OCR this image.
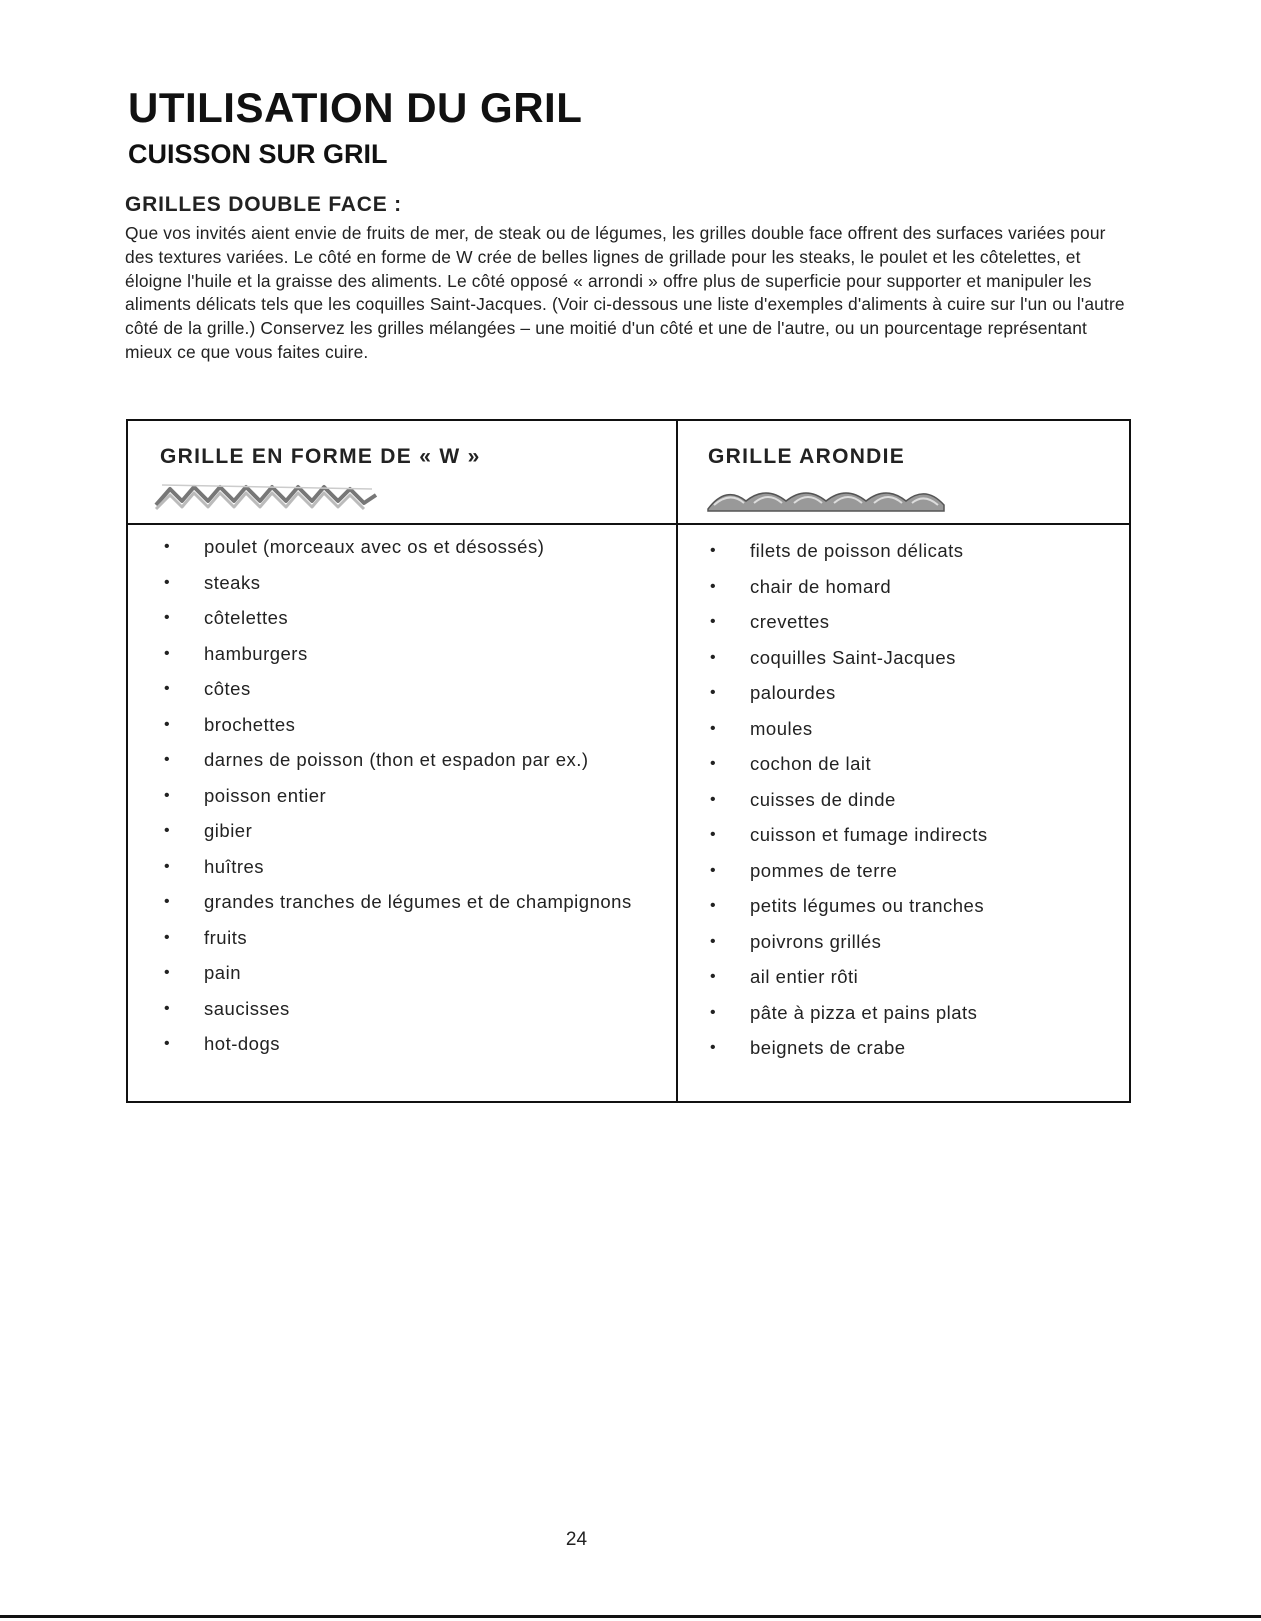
UTILISATION DU GRIL
CUISSON SUR GRIL
GRILLES DOUBLE FACE :

Que vos invités aient envie de fruits de mer, de steak ou de légumes, les grilles double face offrent des surfaces variées pour des textures variées. Le côté en forme de W crée de belles lignes de grillade pour les steaks, le poulet et les côtelettes, et éloigne l'huile et la graisse des aliments. Le côté opposé « arrondi » offre plus de superficie pour supporter et manipuler les aliments délicats tels que les coquilles Saint-Jacques. (Voir ci-dessous une liste d'exemples d'aliments à cuire sur l'un ou l'autre côté de la grille.) Conservez les grilles mélangées – une moitié d'un côté et une de l'autre, ou un pourcentage représentant mieux ce que vous faites cuire.

GRILLE EN FORME DE « W »	GRILLE ARONDIE
• poulet (morceaux avec os et désossés)
• steaks
• côtelettes
• hamburgers
• côtes
• brochettes
• darnes de poisson (thon et espadon par ex.)
• poisson entier
• gibier
• huîtres
• grandes tranches de légumes et de champignons
• fruits
• pain
• saucisses
• hot-dogs
• filets de poisson délicats
• chair de homard
• crevettes
• coquilles Saint-Jacques
• palourdes
• moules
• cochon de lait
• cuisses de dinde
• cuisson et fumage indirects
• pommes de terre
• petits légumes ou tranches
• poivrons grillés
• ail entier rôti
• pâte à pizza et pains plats
• beignets de crabe
24
